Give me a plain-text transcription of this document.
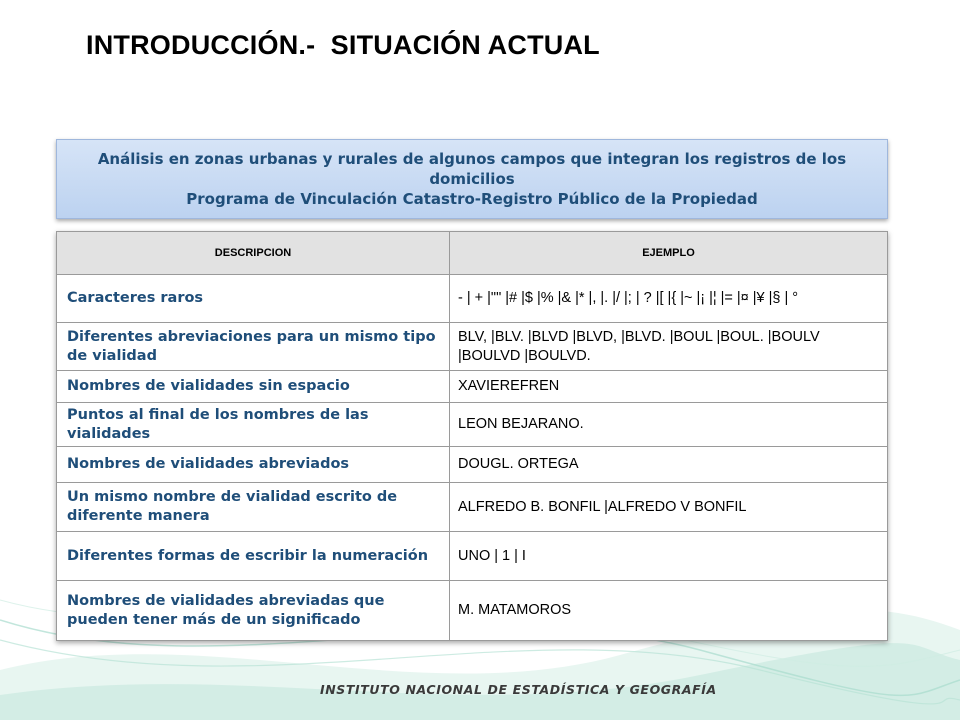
INTRODUCCIÓN.-  SITUACIÓN ACTUAL
Análisis en zonas urbanas y rurales de algunos campos que integran los registros de los
domicilios
Programa de Vinculación Catastro-Registro Público de la Propiedad
DESCRIPCION	EJEMPLO
Caracteres raros	- | + |"" |# |$ |% |& |* |, |. |/ |; | ? |[ |{ |~ |¡ |¦ |= |¤ |¥ |§ | °
Diferentes abreviaciones para un mismo tipo de vialidad	BLV, |BLV. |BLVD |BLVD, |BLVD. |BOUL |BOUL. |BOULV |BOULVD |BOULVD.
Nombres de vialidades sin espacio	XAVIEREFREN
Puntos al final de los nombres de las vialidades	LEON BEJARANO.
Nombres de vialidades abreviados	DOUGL. ORTEGA
Un mismo nombre de vialidad escrito de diferente manera	ALFREDO B. BONFIL |ALFREDO V BONFIL
Diferentes formas de escribir la numeración	UNO | 1 | I
Nombres de vialidades abreviadas que pueden tener más de un significado	M. MATAMOROS
INSTITUTO NACIONAL DE ESTADÍSTICA Y GEOGRAFÍA
